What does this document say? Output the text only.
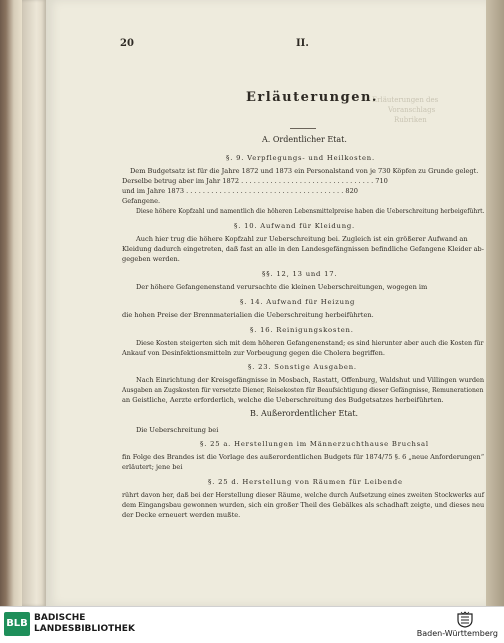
Erläuterungen des
Voranschlags
Rubriken
20	II.
Erläuterungen.
A. Ordentlicher Etat.
§. 9. Verpflegungs- und Heilkosten.
Dem Budgetsatz ist für die Jahre 1872 und 1873 ein Personalstand von je 730 Köpfen zu Grunde gelegt.
Derselbe betrug aber im Jahr 1872 . . . . . . . . . . . . . . . . . . . . . . . . . . . . . . . . 710
und im Jahre 1873 . . . . . . . . . . . . . . . . . . . . . . . . . . . . . . . . . . . . . . 820
Gefangene.
Diese höhere Kopfzahl und namentlich die höheren Lebensmittelpreise haben die Ueberschreitung herbeigeführt.
§. 10. Aufwand für Kleidung.
Auch hier trug die höhere Kopfzahl zur Ueberschreitung bei. Zugleich ist ein größerer Aufwand an
Kleidung dadurch eingetreten, daß fast an alle in den Landesgefängnissen befindliche Gefangene Kleider ab-
gegeben werden.
§§. 12, 13 und 17.
Der höhere Gefangenenstand verursachte die kleinen Ueberschreitungen, wogegen im
§. 14. Aufwand für Heizung
die hohen Preise der Brennmaterialien die Ueberschreitung herbeiführten.
§. 16. Reinigungskosten.
Diese Kosten steigerten sich mit dem höheren Gefangenenstand; es sind hierunter aber auch die Kosten für
Ankauf von Desinfektionsmitteln zur Vorbeugung gegen die Cholera begriffen.
§. 23. Sonstige Ausgaben.
Nach Einrichtung der Kreisgefängnisse in Mosbach, Rastatt, Offenburg, Waldshut und Villingen wurden
Ausgaben an Zugskosten für versetzte Diener, Reisekosten für Beaufsichtigung dieser Gefängnisse, Remunerationen
an Geistliche, Aerzte erforderlich, welche die Ueberschreitung des Budgetsatzes herbeiführten.
B. Außerordentlicher Etat.
Die Ueberschreitung bei
§. 25 a. Herstellungen im Männerzuchthause Bruchsal
fin Folge des Brandes ist die Vorlage des außerordentlichen Budgets für 1874/75 §. 6 „neue Anforderungen“
erläutert; jene bei
§. 25 d. Herstellung von Räumen für Leibende
rührt davon her, daß bei der Herstellung dieser Räume, welche durch Aufsetzung eines zweiten Stockwerks auf
dem Eingangsbau gewonnen wurden, sich ein großer Theil des Gebälkes als schadhaft zeigte, und dieses neu
der Decke erneuert werden mußte.
BLB BADISCHE
LANDESBIBLIOTHEK	Baden-Württemberg
